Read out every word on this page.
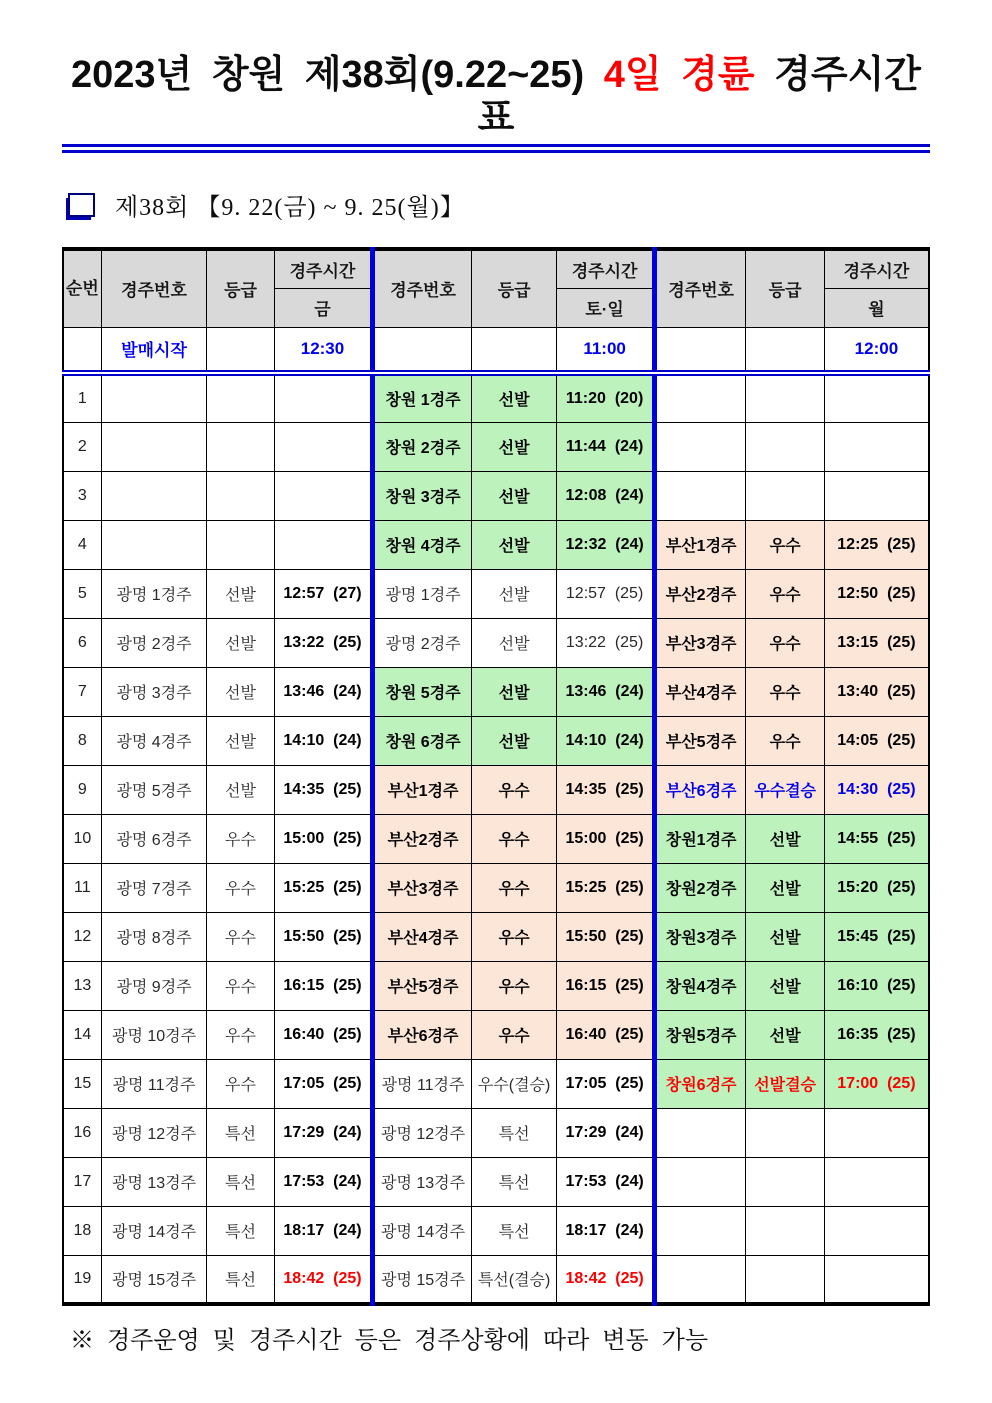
2023년 창원 제38회(9.22~25) 4일 경륜 경주시간표
제38회 【9. 22(금) ~ 9. 25(월)】
순번	경주번호	등급	경주시간	경주번호	등급	경주시간	경주번호	등급	경주시간
			금			토·일			월
	발매시작		12:30			11:00			12:00
1				창원 1경주	선발	11:20  (20)			
2				창원 2경주	선발	11:44  (24)			
3				창원 3경주	선발	12:08  (24)			
4				창원 4경주	선발	12:32  (24)	부산1경주	우수	12:25  (25)
5	광명 1경주	선발	12:57  (27)	광명 1경주	선발	12:57  (25)	부산2경주	우수	12:50  (25)
6	광명 2경주	선발	13:22  (25)	광명 2경주	선발	13:22  (25)	부산3경주	우수	13:15  (25)
7	광명 3경주	선발	13:46  (24)	창원 5경주	선발	13:46  (24)	부산4경주	우수	13:40  (25)
8	광명 4경주	선발	14:10  (24)	창원 6경주	선발	14:10  (24)	부산5경주	우수	14:05  (25)
9	광명 5경주	선발	14:35  (25)	부산1경주	우수	14:35  (25)	부산6경주	우수결승	14:30  (25)
10	광명 6경주	우수	15:00  (25)	부산2경주	우수	15:00  (25)	창원1경주	선발	14:55  (25)
11	광명 7경주	우수	15:25  (25)	부산3경주	우수	15:25  (25)	창원2경주	선발	15:20  (25)
12	광명 8경주	우수	15:50  (25)	부산4경주	우수	15:50  (25)	창원3경주	선발	15:45  (25)
13	광명 9경주	우수	16:15  (25)	부산5경주	우수	16:15  (25)	창원4경주	선발	16:10  (25)
14	광명 10경주	우수	16:40  (25)	부산6경주	우수	16:40  (25)	창원5경주	선발	16:35  (25)
15	광명 11경주	우수	17:05  (25)	광명 11경주	우수(결승)	17:05  (25)	창원6경주	선발결승	17:00  (25)
16	광명 12경주	특선	17:29  (24)	광명 12경주	특선	17:29  (24)			
17	광명 13경주	특선	17:53  (24)	광명 13경주	특선	17:53  (24)			
18	광명 14경주	특선	18:17  (24)	광명 14경주	특선	18:17  (24)			
19	광명 15경주	특선	18:42  (25)	광명 15경주	특선(결승)	18:42  (25)			
※ 경주운영 및 경주시간 등은 경주상황에 따라 변동 가능
